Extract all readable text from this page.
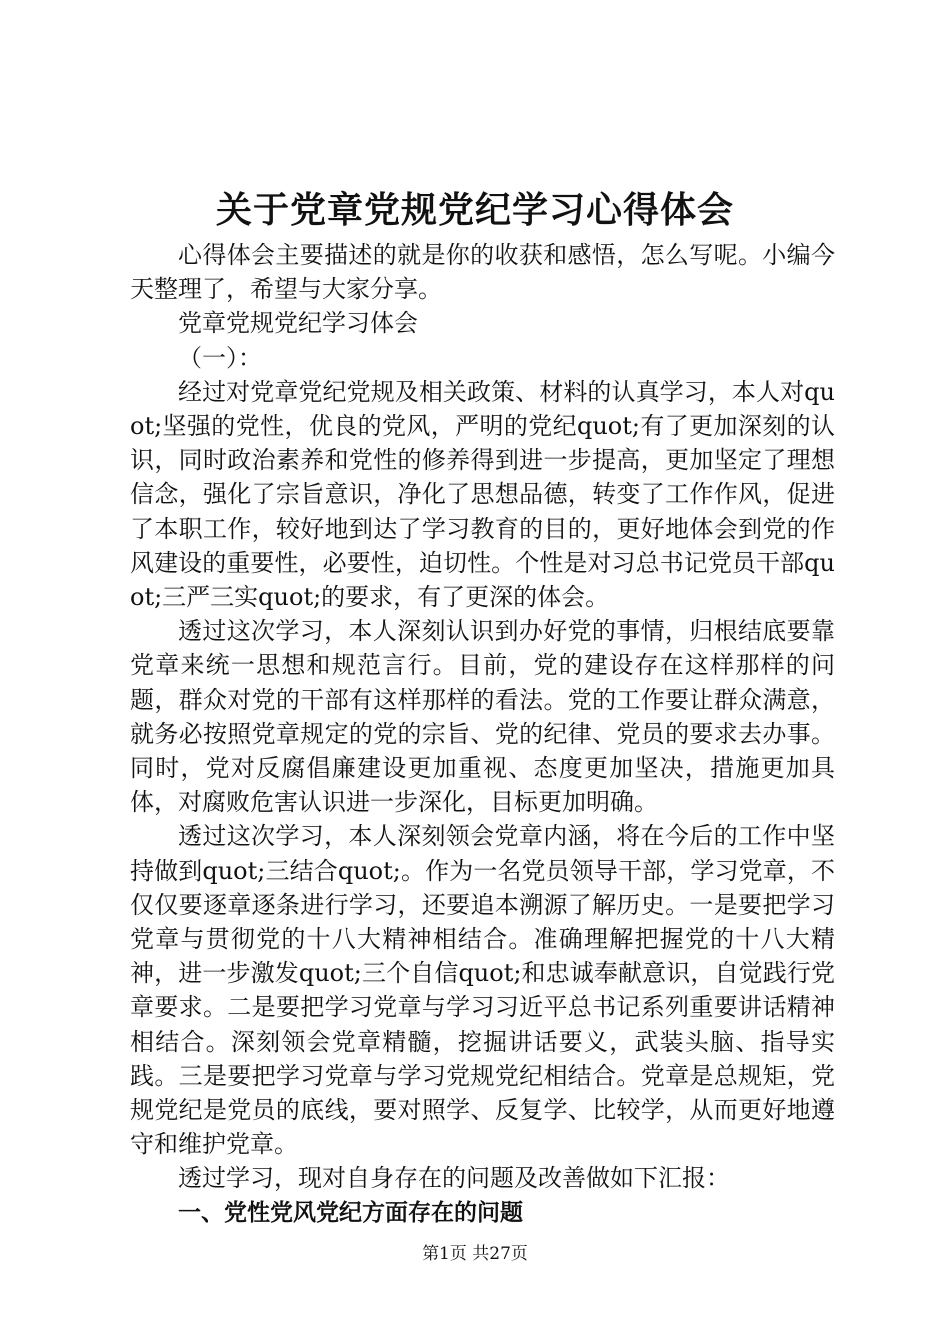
关于党章党规党纪学习心得体会

心得体会主要描述的就是你的收获和感悟，怎么写呢。小编今天整理了，希望与大家分享。

党章党规党纪学习体会

（一）：

经过对党章党纪党规及相关政策、材料的认真学习，本人对quot;坚强的党性，优良的党风，严明的党纪quot;有了更加深刻的认识，同时政治素养和党性的修养得到进一步提高，更加坚定了理想信念，强化了宗旨意识，净化了思想品德，转变了工作作风，促进了本职工作，较好地到达了学习教育的目的，更好地体会到党的作风建设的重要性，必要性，迫切性。个性是对习总书记党员干部quot;三严三实quot;的要求，有了更深的体会。

透过这次学习，本人深刻认识到办好党的事情，归根结底要靠党章来统一思想和规范言行。目前，党的建设存在这样那样的问题，群众对党的干部有这样那样的看法。党的工作要让群众满意，就务必按照党章规定的党的宗旨、党的纪律、党员的要求去办事。同时，党对反腐倡廉建设更加重视、态度更加坚决，措施更加具体，对腐败危害认识进一步深化，目标更加明确。

透过这次学习，本人深刻领会党章内涵，将在今后的工作中坚持做到quot;三结合quot;。作为一名党员领导干部，学习党章，不仅仅要逐章逐条进行学习，还要追本溯源了解历史。一是要把学习党章与贯彻党的十八大精神相结合。准确理解把握党的十八大精神，进一步激发quot;三个自信quot;和忠诚奉献意识，自觉践行党章要求。二是要把学习党章与学习习近平总书记系列重要讲话精神相结合。深刻领会党章精髓，挖掘讲话要义，武装头脑、指导实践。三是要把学习党章与学习党规党纪相结合。党章是总规矩，党规党纪是党员的底线，要对照学、反复学、比较学，从而更好地遵守和维护党章。

透过学习，现对自身存在的问题及改善做如下汇报：

一、党性党风党纪方面存在的问题

第1页 共27页
